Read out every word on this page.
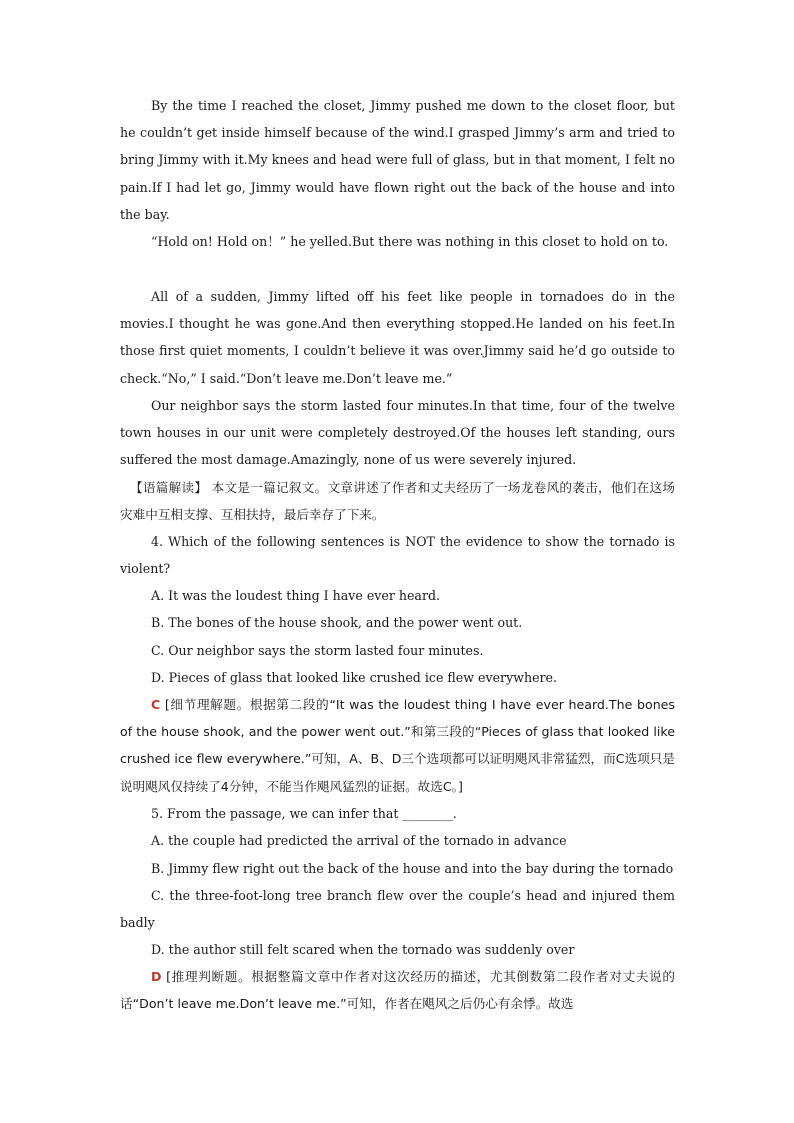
By the time I reached the closet, Jimmy pushed me down to the closet floor, but he couldn’t get inside himself because of the wind.I grasped Jimmy’s arm and tried to bring Jimmy with it.My knees and head were full of glass, but in that moment, I felt no pain.If I had let go, Jimmy would have flown right out the back of the house and into the bay.

“Hold on! Hold on！” he yelled.But there was nothing in this closet to hold on to.

All of a sudden, Jimmy lifted off his feet like people in tornadoes do in the movies.I thought he was gone.And then everything stopped.He landed on his feet.In those first quiet moments, I couldn’t believe it was over.Jimmy said he’d go outside to check.“No,” I said.“Don’t leave me.Don’t leave me.”

Our neighbor says the storm lasted four minutes.In that time, four of the twelve town houses in our unit were completely destroyed.Of the houses left standing, ours suffered the most damage.Amazingly, none of us were severely injured.

【语篇解读】 本文是一篇记叙文。文章讲述了作者和丈夫经历了一场龙卷风的袭击，他们在这场灾难中互相支撑、互相扶持，最后幸存了下来。

4. Which of the following sentences is NOT the evidence to show the tornado is violent?

A. It was the loudest thing I have ever heard.

B. The bones of the house shook, and the power went out.

C. Our neighbor says the storm lasted four minutes.

D. Pieces of glass that looked like crushed ice flew everywhere.

C [细节理解题。根据第二段的“It was the loudest thing I have ever heard.The bones of the house shook, and the power went out.”和第三段的“Pieces of glass that looked like crushed ice flew everywhere.”可知，A、B、D三个选项都可以证明飓风非常猛烈，而C选项只是说明飓风仅持续了4分钟，不能当作飓风猛烈的证据。故选C。]

5. From the passage, we can infer that ________.

A. the couple had predicted the arrival of the tornado in advance

B. Jimmy flew right out the back of the house and into the bay during the tornado

C. the three-foot-long tree branch flew over the couple’s head and injured them badly

D. the author still felt scared when the tornado was suddenly over

D [推理判断题。根据整篇文章中作者对这次经历的描述，尤其倒数第二段作者对丈夫说的话“Don’t leave me.Don’t leave me.”可知，作者在飓风之后仍心有余悸。故选
